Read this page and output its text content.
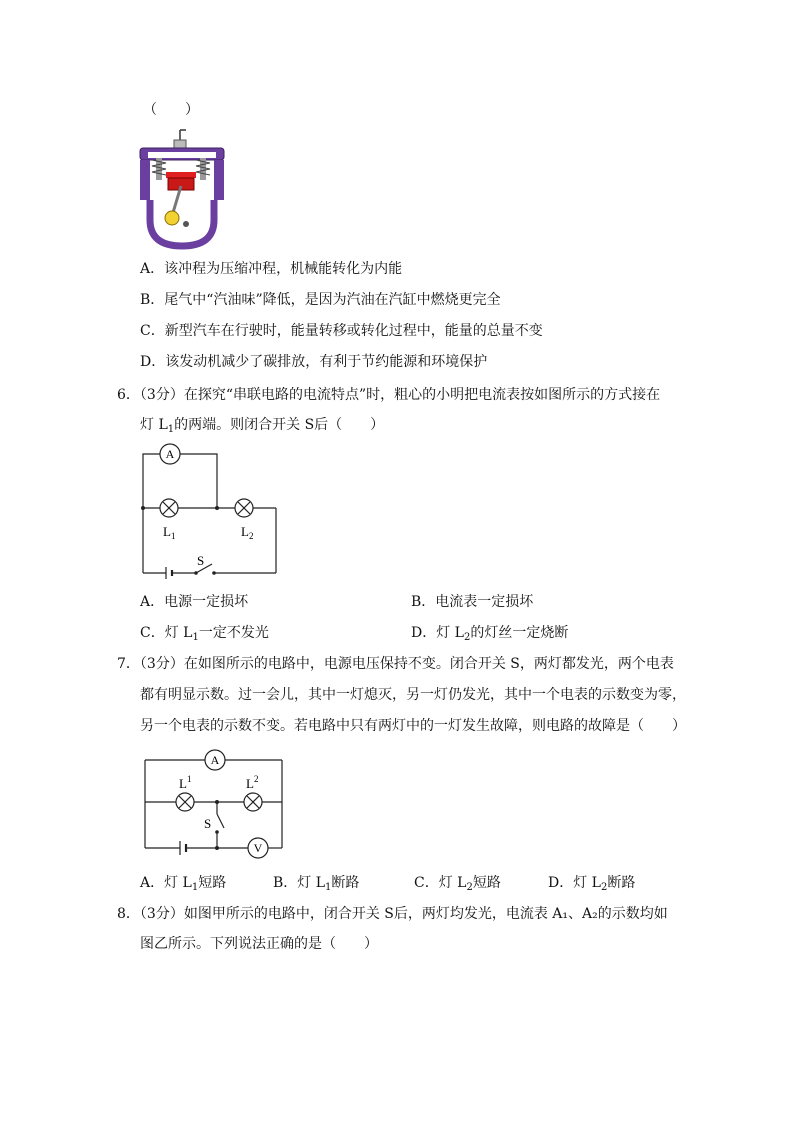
（　　）
A．该冲程为压缩冲程，机械能转化为内能
B．尾气中“汽油味”降低，是因为汽油在汽缸中燃烧更完全
C．新型汽车在行驶时，能量转移或转化过程中，能量的总量不变
D．该发动机减少了碳排放，有利于节约能源和环境保护
6．（3分）在探究“串联电路的电流特点”时，粗心的小明把电流表按如图所示的方式接在
灯 $L_1$的两端。则闭合开关 S后（　　）
A
$L_1$	$L_2$
S
A．电源一定损坏	B．电流表一定损坏
C．灯 $L_1$一定不发光	D．灯 $L_2$的灯丝一定烧断
7．（3分）在如图所示的电路中，电源电压保持不变。闭合开关 S，两灯都发光，两个电表
都有明显示数。过一会儿，其中一灯熄灭，另一灯仍发光，其中一个电表的示数变为零，
另一个电表的示数不变。若电路中只有两灯中的一灯发生故障，则电路的故障是（　　）
A
V
$L^1$	$L^2$
S
A．灯 $L_1$短路	B．灯 $L_1$断路	C．灯 $L_2$短路	D．灯 $L_2$断路
8．（3分）如图甲所示的电路中，闭合开关 S后，两灯均发光，电流表 A₁、A₂的示数均如
图乙所示。下列说法正确的是（　　）
